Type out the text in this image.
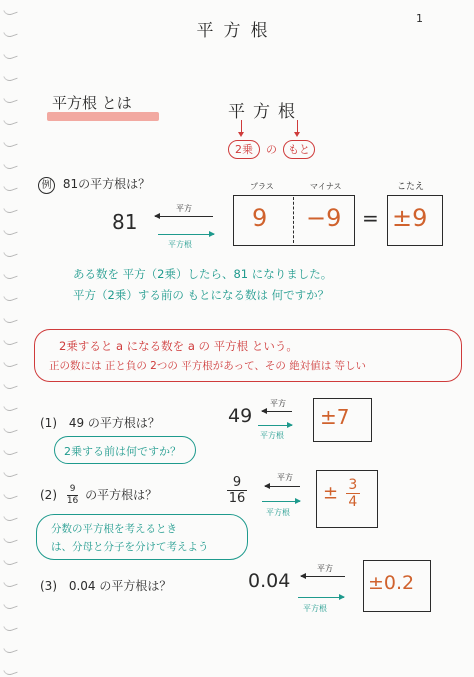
平方根
1
平方根 とは	平方根
2乗	の	もと
例 81の平方根は？
81
平方
平方根
プラス	マイナス	こたえ
9 −9 = ±9
ある数を 平方（2乗）したら、81 になりました。
平方（2乗）する前の もとになる数は 何ですか？
2乗すると a になる数を a の 平方根 という。
正の数には 正と負の 2つの 平方根があって、その 絶対値は 等しい
(1) 49 の平方根は？
2乗する前は何ですか？
49
平方
平方根
±7
$(2) \frac{9}{16}$ の平方根は？
分数の平方根を考えるとき
は、分母と分子を分けて考えよう
$\frac{9}{16}$	平方
平方根
± $\frac{3}{4}$
(3) 0.04 の平方根は？	0.04
平方
平方根
±0.2
